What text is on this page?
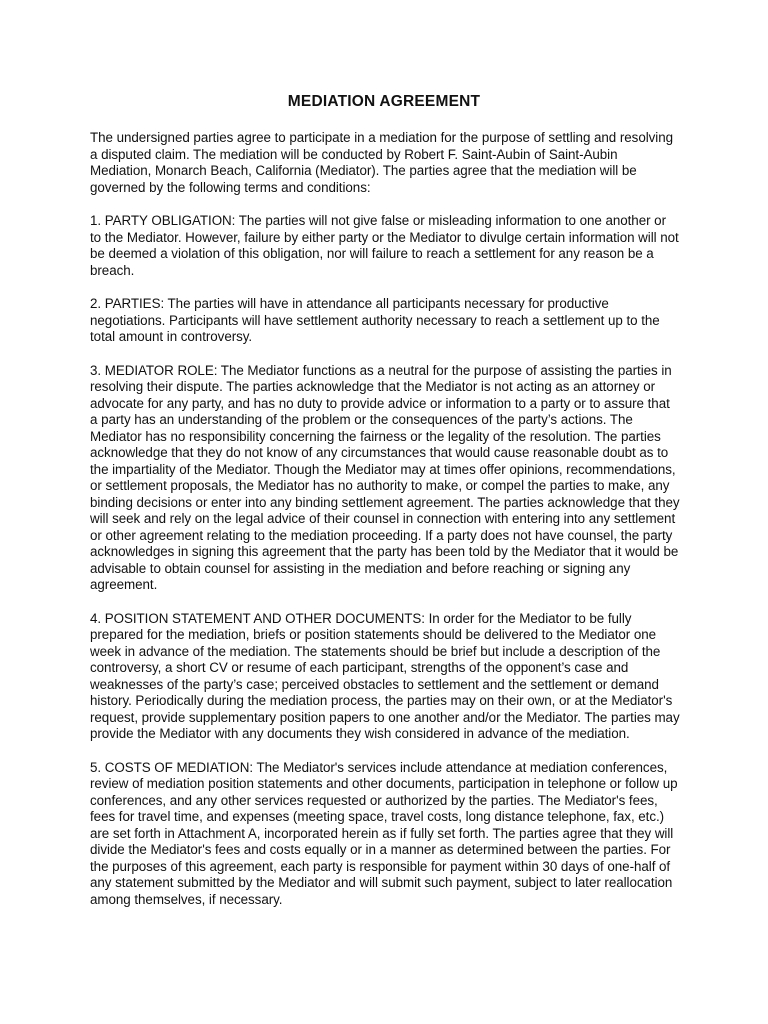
MEDIATION AGREEMENT

The undersigned parties agree to participate in a mediation for the purpose of settling and resolving a disputed claim. The mediation will be conducted by Robert F. Saint-Aubin of Saint-Aubin Mediation, Monarch Beach, California (Mediator). The parties agree that the mediation will be governed by the following terms and conditions:

1. PARTY OBLIGATION: The parties will not give false or misleading information to one another or to the Mediator. However, failure by either party or the Mediator to divulge certain information will not be deemed a violation of this obligation, nor will failure to reach a settlement for any reason be a breach.

2. PARTIES: The parties will have in attendance all participants necessary for productive negotiations. Participants will have settlement authority necessary to reach a settlement up to the total amount in controversy.

3. MEDIATOR ROLE: The Mediator functions as a neutral for the purpose of assisting the parties in resolving their dispute. The parties acknowledge that the Mediator is not acting as an attorney or advocate for any party, and has no duty to provide advice or information to a party or to assure that a party has an understanding of the problem or the consequences of the party’s actions. The Mediator has no responsibility concerning the fairness or the legality of the resolution. The parties acknowledge that they do not know of any circumstances that would cause reasonable doubt as to the impartiality of the Mediator. Though the Mediator may at times offer opinions, recommendations, or settlement proposals, the Mediator has no authority to make, or compel the parties to make, any binding decisions or enter into any binding settlement agreement. The parties acknowledge that they will seek and rely on the legal advice of their counsel in connection with entering into any settlement or other agreement relating to the mediation proceeding. If a party does not have counsel, the party acknowledges in signing this agreement that the party has been told by the Mediator that it would be advisable to obtain counsel for assisting in the mediation and before reaching or signing any agreement.

4. POSITION STATEMENT AND OTHER DOCUMENTS: In order for the Mediator to be fully prepared for the mediation, briefs or position statements should be delivered to the Mediator one week in advance of the mediation. The statements should be brief but include a description of the controversy, a short CV or resume of each participant, strengths of the opponent’s case and weaknesses of the party’s case; perceived obstacles to settlement and the settlement or demand history. Periodically during the mediation process, the parties may on their own, or at the Mediator's request, provide supplementary position papers to one another and/or the Mediator. The parties may provide the Mediator with any documents they wish considered in advance of the mediation.

5. COSTS OF MEDIATION: The Mediator's services include attendance at mediation conferences, review of mediation position statements and other documents, participation in telephone or follow up conferences, and any other services requested or authorized by the parties. The Mediator's fees, fees for travel time, and expenses (meeting space, travel costs, long distance telephone, fax, etc.) are set forth in Attachment A, incorporated herein as if fully set forth. The parties agree that they will divide the Mediator's fees and costs equally or in a manner as determined between the parties. For the purposes of this agreement, each party is responsible for payment within 30 days of one-half of any statement submitted by the Mediator and will submit such payment, subject to later reallocation among themselves, if necessary.
